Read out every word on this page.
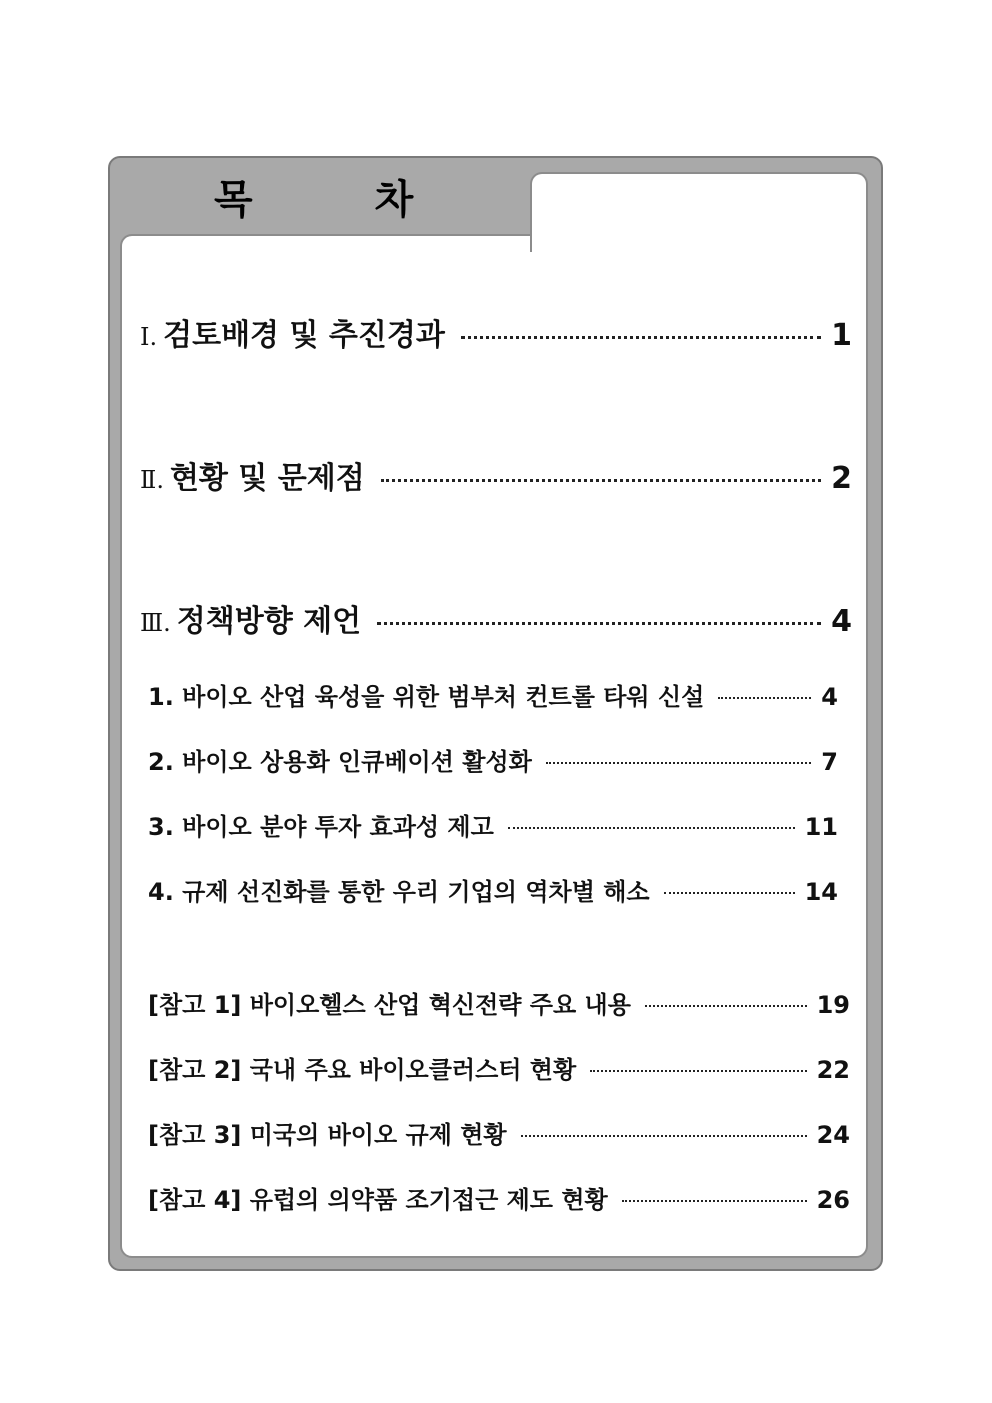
목 차
Ⅰ. 검토배경 및 추진경과	1
Ⅱ. 현황 및 문제점	2
Ⅲ. 정책방향 제언	4
1. 바이오 산업 육성을 위한 범부처 컨트롤 타워 신설	4
2. 바이오 상용화 인큐베이션 활성화	7
3. 바이오 분야 투자 효과성 제고	11
4. 규제 선진화를 통한 우리 기업의 역차별 해소	14
[참고 1] 바이오헬스 산업 혁신전략 주요 내용	19
[참고 2] 국내 주요 바이오클러스터 현황	22
[참고 3] 미국의 바이오 규제 현황	24
[참고 4] 유럽의 의약품 조기접근 제도 현황	26
